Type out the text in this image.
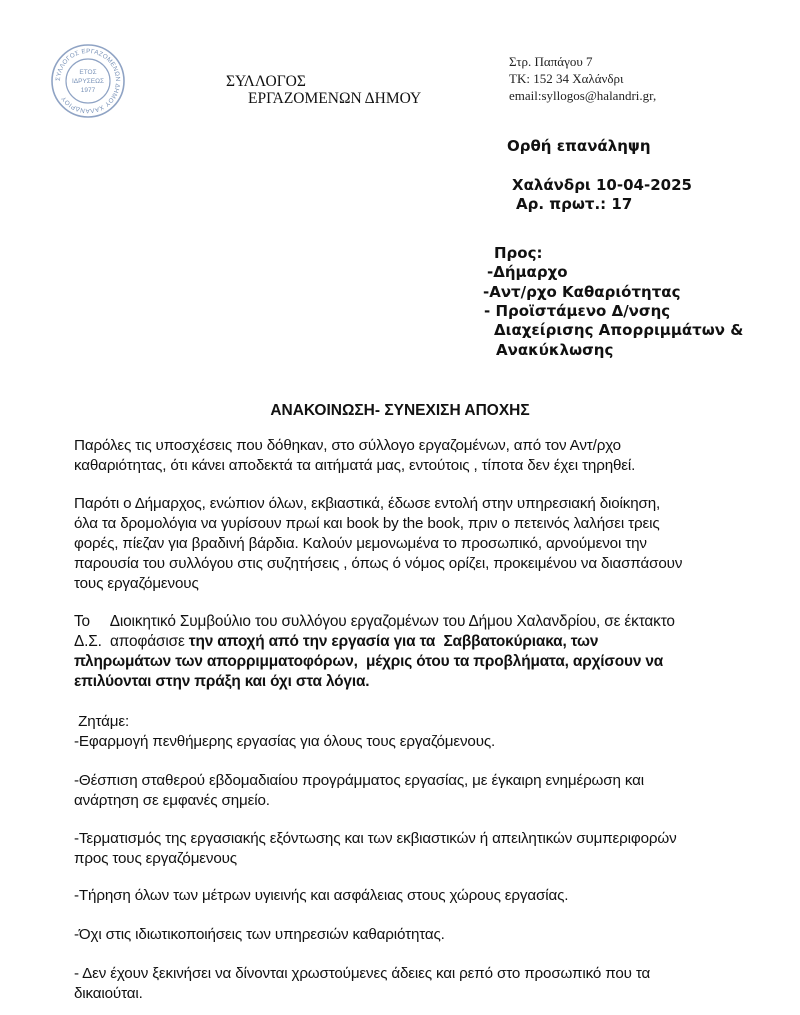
ΣΥΛΛΟΓΟΣ ΕΡΓΑΖΟΜΕΝΩΝ ΔΗΜΟΥ ΧΑΛΑΝΔΡΙΟΥ
ΕΤΟΣ
ΙΔΡΥΣΕΩΣ
1977
ΣΥΛΛΟΓΟΣ
ΕΡΓΑΖΟΜΕΝΩΝ ΔΗΜΟΥ
Στρ. Παπάγου 7
ΤΚ: 152 34 Χαλάνδρι
email:syllogos@halandri.gr,
Ορθή επανάληψη
Χαλάνδρι 10-04-2025
Αρ. πρωτ.: 17
Προς:
-Δήμαρχο
-Αντ/ρχο Καθαριότητας
- Προϊστάμενο Δ/νσης
Διαχείρισης Απορριμμάτων &
Ανακύκλωσης
ΑΝΑΚΟΙΝΩΣΗ- ΣΥΝΕΧΙΣΗ ΑΠΟΧΗΣ
Παρόλες τις υποσχέσεις που δόθηκαν, στο σύλλογο εργαζομένων, από τον Αντ/ρχο
καθαριότητας, ότι κάνει αποδεκτά τα αιτήματά μας, εντούτοις , τίποτα δεν έχει τηρηθεί.
Παρότι ο Δήμαρχος, ενώπιον όλων, εκβιαστικά, έδωσε εντολή στην υπηρεσιακή διοίκηση,
όλα τα δρομολόγια να γυρίσουν πρωί και book by the book, πριν ο πετεινός λαλήσει τρεις
φορές, πίεζαν για βραδινή βάρδια. Καλούν μεμονωμένα το προσωπικό, αρνούμενοι την
παρουσία του συλλόγου στις συζητήσεις , όπως ό νόμος ορίζει, προκειμένου να διασπάσουν
τους εργαζόμενους
Το     Διοικητικό Συμβούλιο του συλλόγου εργαζομένων του Δήμου Χαλανδρίου, σε έκτακτο
Δ.Σ.  αποφάσισε την αποχή από την εργασία για τα  Σαββατοκύριακα, των
πληρωμάτων των απορριμματοφόρων,  μέχρις ότου τα προβλήματα, αρχίσουν να
επιλύονται στην πράξη και όχι στα λόγια.
Ζητάμε:
-Εφαρμογή πενθήμερης εργασίας για όλους τους εργαζόμενους.
-Θέσπιση σταθερού εβδομαδιαίου προγράμματος εργασίας, με έγκαιρη ενημέρωση και
ανάρτηση σε εμφανές σημείο.
-Τερματισμός της εργασιακής εξόντωσης και των εκβιαστικών ή απειλητικών συμπεριφορών
προς τους εργαζόμενους
-Τήρηση όλων των μέτρων υγιεινής και ασφάλειας στους χώρους εργασίας.
-Όχι στις ιδιωτικοποιήσεις των υπηρεσιών καθαριότητας.
- Δεν έχουν ξεκινήσει να δίνονται χρωστούμενες άδειες και ρεπό στο προσωπικό που τα
δικαιούται.
